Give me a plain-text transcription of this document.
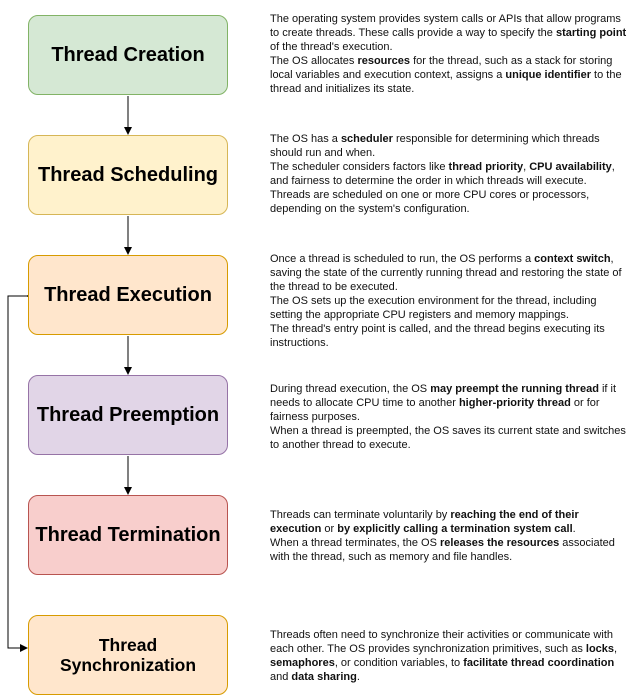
Thread Creation
Thread Scheduling
Thread Execution
Thread Preemption
Thread Termination
Thread Synchronization

The operating system provides system calls or APIs that allow programs to create threads. These calls provide a way to specify the starting point of the thread's execution.

The OS allocates resources for the thread, such as a stack for storing local variables and execution context, assigns a unique identifier to the thread and initializes its state.

The OS has a scheduler responsible for determining which threads should run and when.

The scheduler considers factors like thread priority, CPU availability, and fairness to determine the order in which threads will execute. Threads are scheduled on one or more CPU cores or processors, depending on the system's configuration.

Once a thread is scheduled to run, the OS performs a context switch, saving the state of the currently running thread and restoring the state of the thread to be executed.

The OS sets up the execution environment for the thread, including setting the appropriate CPU registers and memory mappings.

The thread's entry point is called, and the thread begins executing its instructions.

During thread execution, the OS may preempt the running thread if it needs to allocate CPU time to another higher-priority thread or for fairness purposes.

When a thread is preempted, the OS saves its current state and switches to another thread to execute.

Threads can terminate voluntarily by reaching the end of their execution or by explicitly calling a termination system call.

When a thread terminates, the OS releases the resources associated with the thread, such as memory and file handles.

Threads often need to synchronize their activities or communicate with each other. The OS provides synchronization primitives, such as locks, semaphores, or condition variables, to facilitate thread coordination and data sharing.
